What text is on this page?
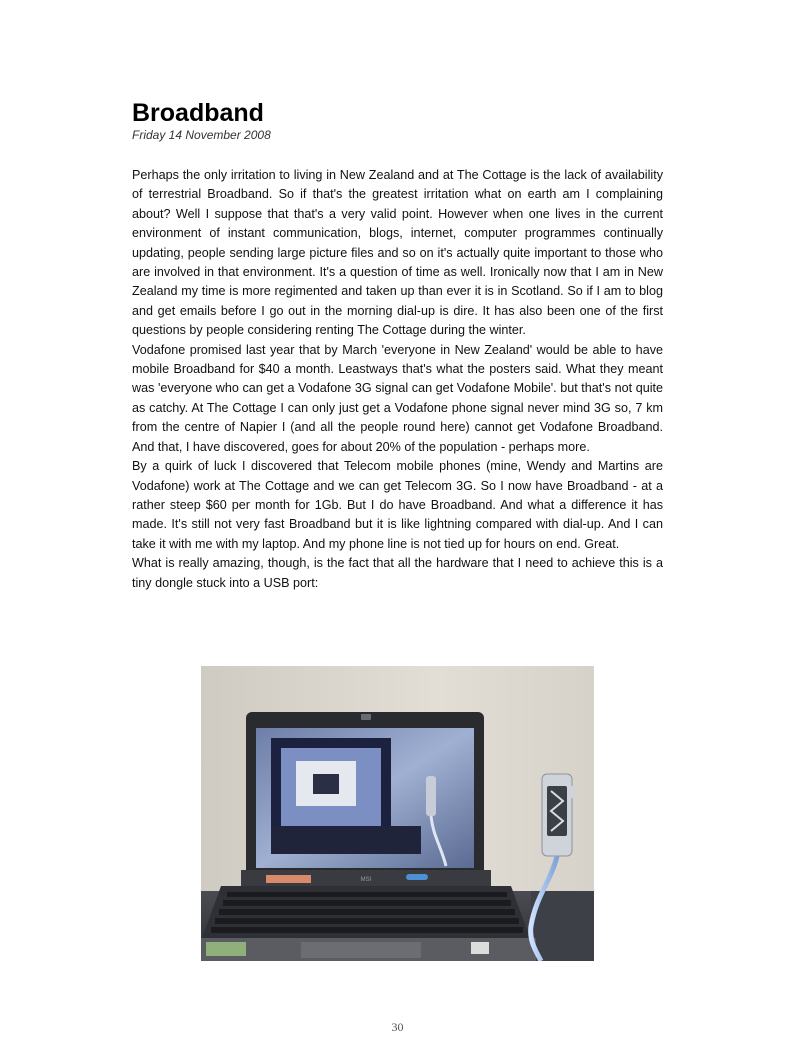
Broadband
Friday 14 November 2008

Perhaps the only irritation to living in New Zealand and at The Cottage is the lack of availability of terrestrial Broadband. So if that's the greatest irritation what on earth am I complaining about? Well I suppose that that's a very valid point. However when one lives in the current environment of instant communication, blogs, internet, computer programmes continually updating, people sending large picture files and so on it's actually quite important to those who are involved in that environment. It's a question of time as well. Ironically now that I am in New Zealand my time is more regimented and taken up than ever it is in Scotland. So if I am to blog and get emails before I go out in the morning dial-up is dire. It has also been one of the first questions by people considering renting The Cottage during the winter.

Vodafone promised last year that by March 'everyone in New Zealand' would be able to have mobile Broadband for $40 a month. Leastways that's what the posters said. What they meant was 'everyone who can get a Vodafone 3G signal can get Vodafone Mobile'. but that's not quite as catchy. At The Cottage I can only just get a Vodafone phone signal never mind 3G so, 7 km from the centre of Napier I (and all the people round here) cannot get Vodafone Broadband. And that, I have discovered, goes for about 20% of the population - perhaps more.

By a quirk of luck I discovered that Telecom mobile phones (mine, Wendy and Martins are Vodafone) work at The Cottage and we can get Telecom 3G. So I now have Broadband - at a rather steep $60 per month for 1Gb. But I do have Broadband. And what a difference it has made. It's still not very fast Broadband but it is like lightning compared with dial-up. And I can take it with me with my laptop. And my phone line is not tied up for hours on end. Great.

What is really amazing, though, is the fact that all the hardware that I need to achieve this is a tiny dongle stuck into a USB port:

MSI
30
